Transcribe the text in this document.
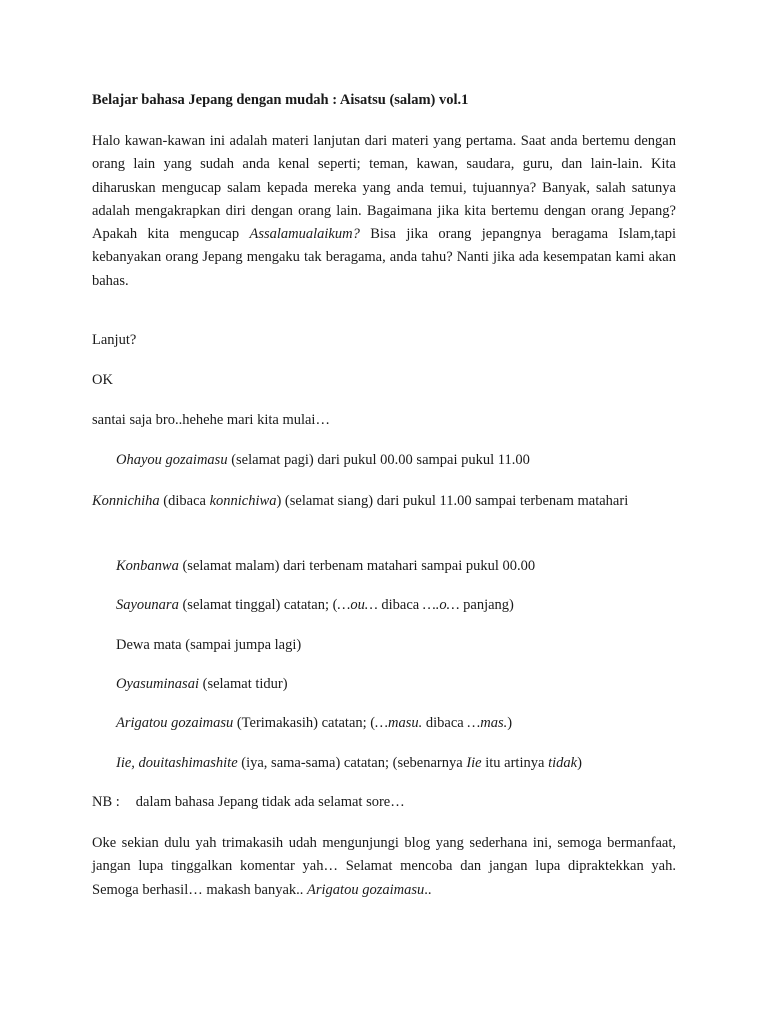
Belajar bahasa Jepang dengan mudah : Aisatsu (salam) vol.1
Halo kawan-kawan ini adalah materi lanjutan dari materi yang pertama. Saat anda bertemu dengan orang lain yang sudah anda kenal seperti; teman, kawan, saudara, guru, dan lain-lain. Kita diharuskan mengucap salam kepada mereka yang anda temui, tujuannya? Banyak, salah satunya adalah mengakrapkan diri dengan orang lain. Bagaimana jika kita bertemu dengan orang Jepang? Apakah kita mengucap Assalamualaikum? Bisa jika orang jepangnya beragama Islam,tapi kebanyakan orang Jepang mengaku tak beragama, anda tahu? Nanti jika ada kesempatan kami akan bahas.
Lanjut?
OK
santai saja bro..hehehe mari kita mulai…
Ohayou gozaimasu (selamat pagi) dari pukul 00.00 sampai pukul 11.00
Konnichiha (dibaca konnichiwa) (selamat siang) dari pukul 11.00 sampai terbenam matahari
Konbanwa (selamat malam) dari terbenam matahari sampai pukul 00.00
Sayounara (selamat tinggal) catatan; (…ou… dibaca ….o… panjang)
Dewa mata (sampai jumpa lagi)
Oyasuminasai (selamat tidur)
Arigatou gozaimasu (Terimakasih) catatan; (…masu. dibaca …mas.)
Iie, douitashimashite (iya, sama-sama) catatan; (sebenarnya Iie itu artinya tidak)
NB : dalam bahasa Jepang tidak ada selamat sore…
Oke sekian dulu yah trimakasih udah mengunjungi blog yang sederhana ini, semoga bermanfaat, jangan lupa tinggalkan komentar yah… Selamat mencoba dan jangan lupa dipraktekkan yah. Semoga berhasil… makash banyak.. Arigatou gozaimasu..
